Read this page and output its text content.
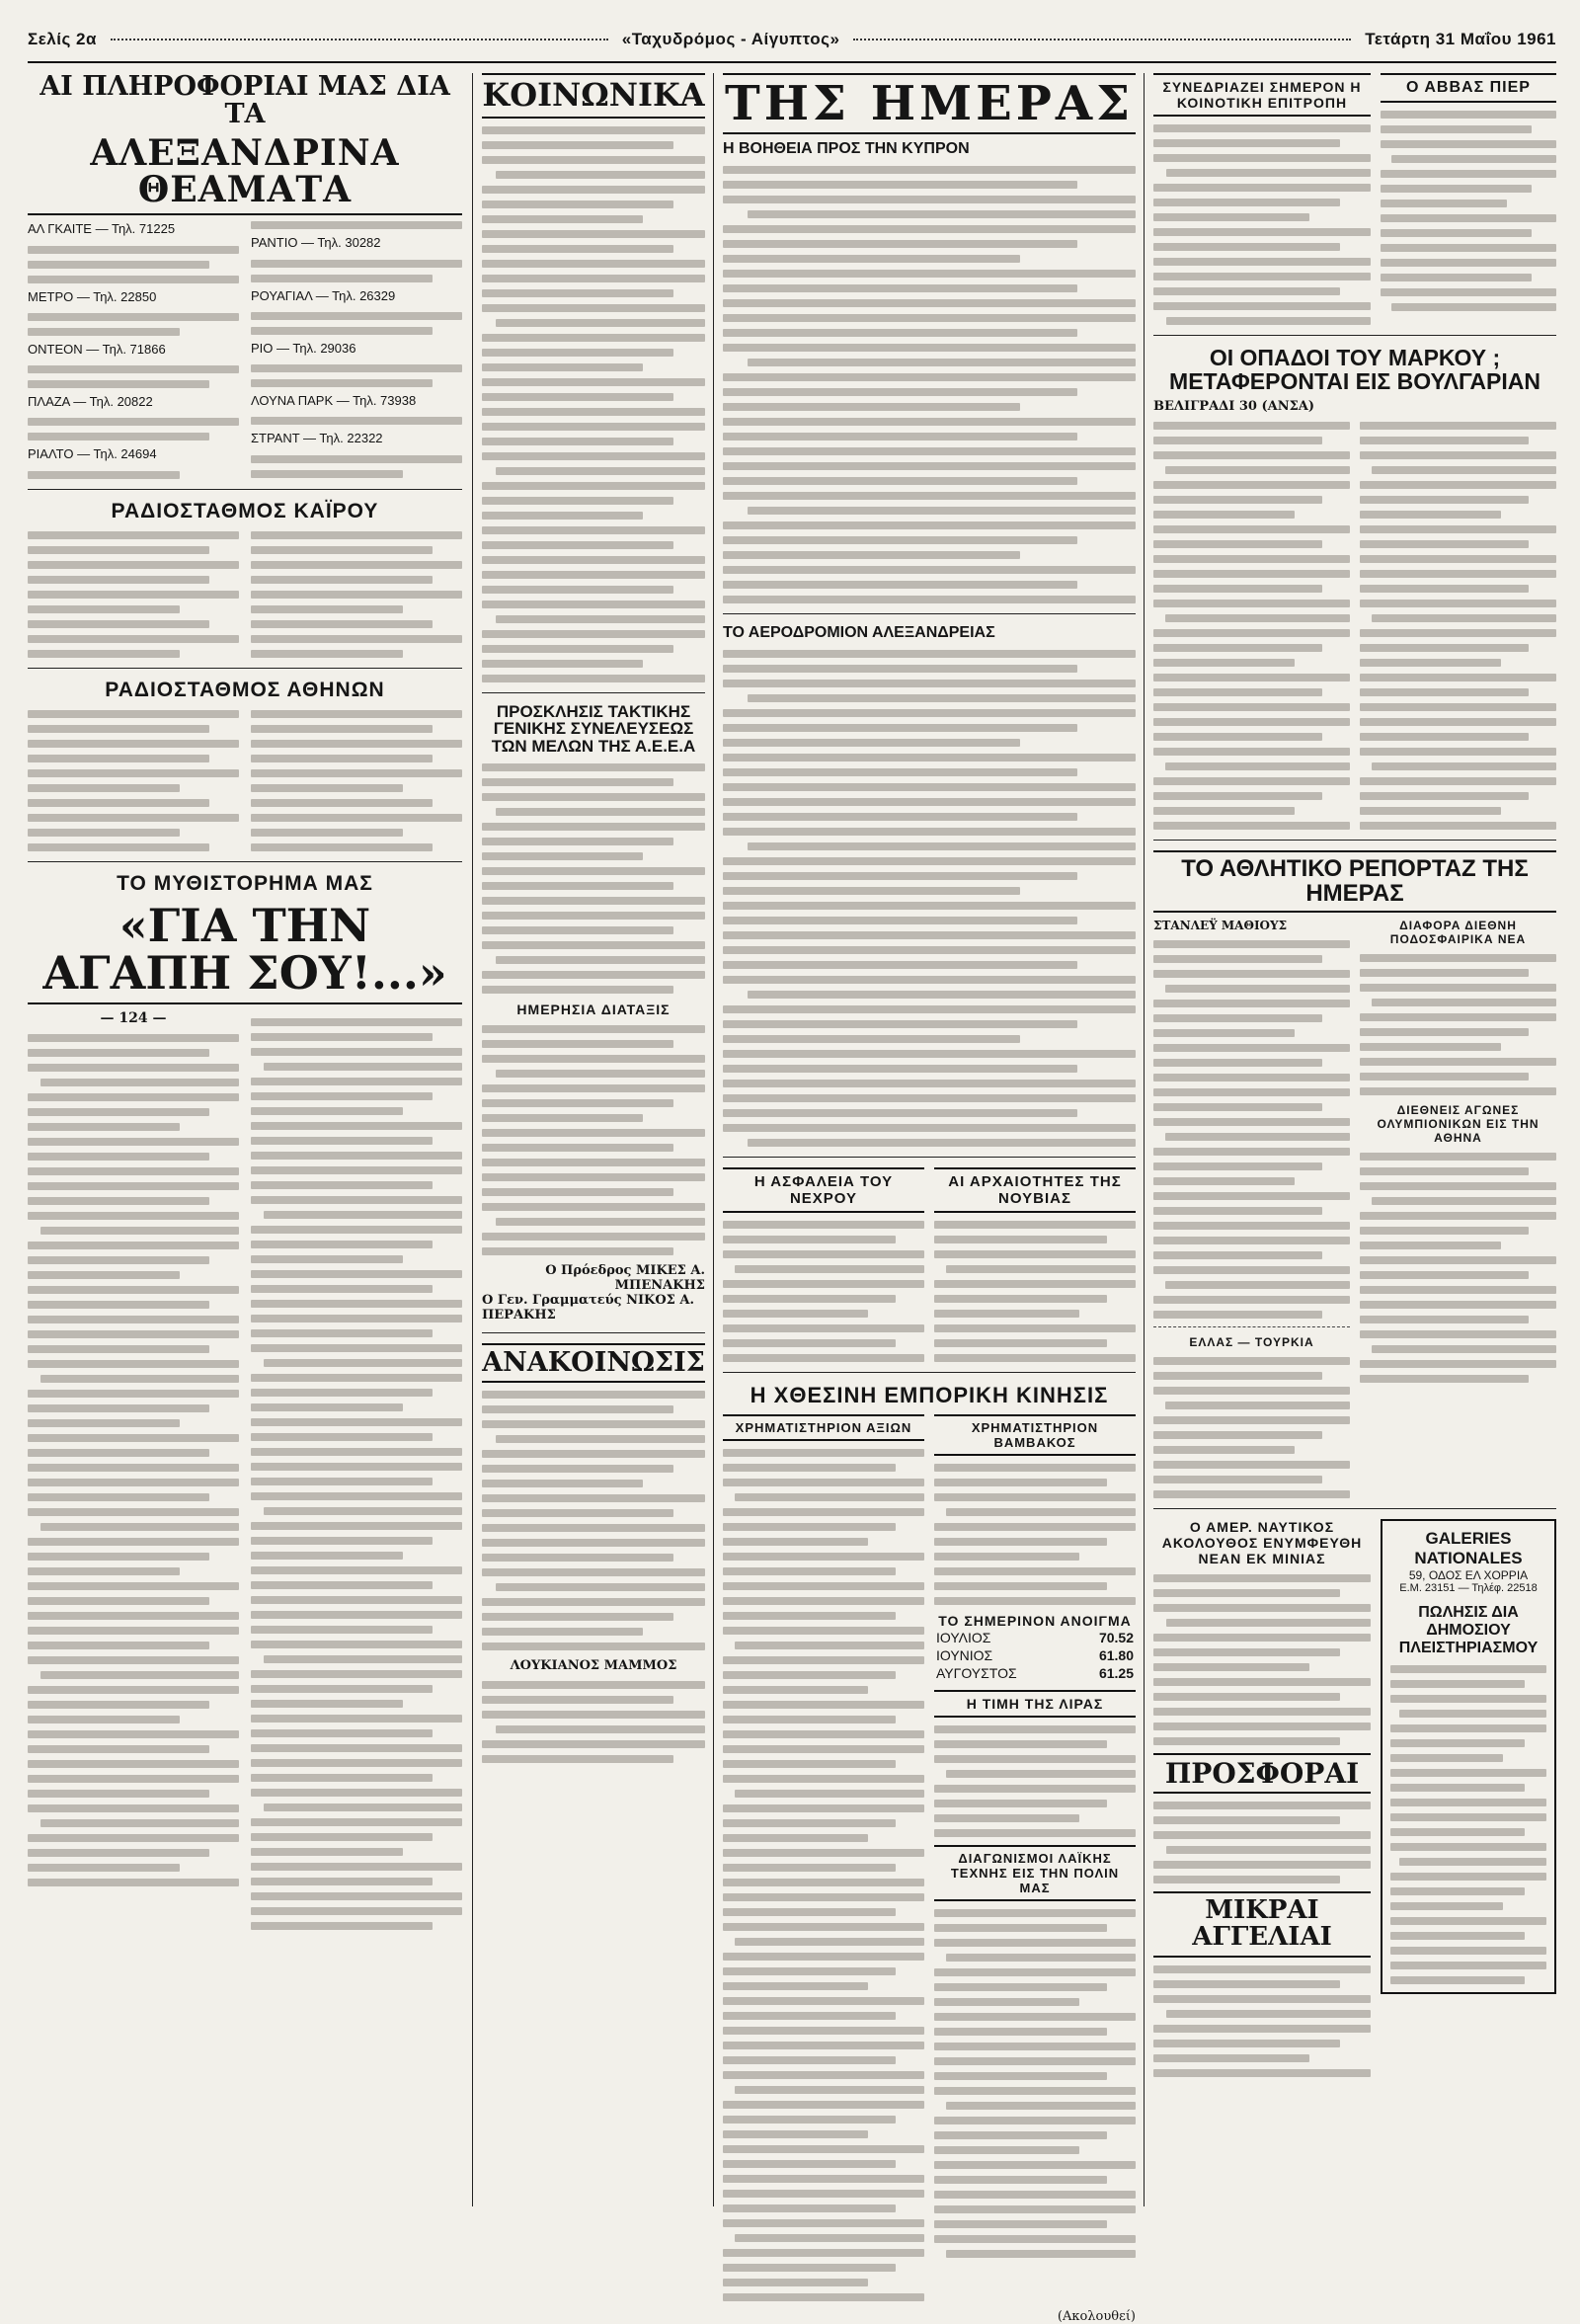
Σελίς 2α	«Ταχυδρόμος - Αίγυπτος»	Τετάρτη 31 Μαΐου 1961
ΑΙ ΠΛΗΡΟΦΟΡΙΑΙ ΜΑΣ ΔΙΑ ΤΑ
ΑΛΕΞΑΝΔΡΙΝΑ ΘΕΑΜΑΤΑ
ΑΛ ΓΚΑΙΤΕ — Τηλ. 71225
ΜΕΤΡΟ — Τηλ. 22850
ΟΝΤΕΟΝ — Τηλ. 71866
ΠΛΑΖΑ — Τηλ. 20822
ΡΙΑΛΤΟ — Τηλ. 24694
ΡΑΝΤΙΟ — Τηλ. 30282
ΡΟΥΑΓΙΑΛ — Τηλ. 26329
ΡΙΟ — Τηλ. 29036
ΛΟΥΝΑ ΠΑΡΚ — Τηλ. 73938
ΣΤΡΑΝΤ — Τηλ. 22322
ΡΑΔΙΟΣΤΑΘΜΟΣ ΚΑΪΡΟΥ
ΡΑΔΙΟΣΤΑΘΜΟΣ ΑΘΗΝΩΝ
ΤΟ ΜΥΘΙΣΤΟΡΗΜΑ ΜΑΣ
«ΓΙΑ ΤΗΝ ΑΓΑΠΗ ΣΟΥ!...»
— 124 —
ΚΟΙΝΩΝΙΚΑ
ΠΡΟΣΚΛΗΣΙΣ ΤΑΚΤΙΚΗΣ ΓΕΝΙΚΗΣ ΣΥΝΕΛΕΥΣΕΩΣ ΤΩΝ ΜΕΛΩΝ ΤΗΣ Α.Ε.Ε.Α
ΗΜΕΡΗΣΙΑ ΔΙΑΤΑΞΙΣ
Ο Πρόεδρος ΜΙΚΕΣ Α. ΜΠΕΝΑΚΗΣ
Ο Γεν. Γραμματεύς ΝΙΚΟΣ Α. ΠΕΡΑΚΗΣ
ΑΝΑΚΟΙΝΩΣΙΣ
ΛΟΥΚΙΑΝΟΣ ΜΑΜΜΟΣ
ΤΗΣ ΗΜΕΡΑΣ
Η ΒΟΗΘΕΙΑ ΠΡΟΣ ΤΗΝ ΚΥΠΡΟΝ
ΤΟ ΑΕΡΟΔΡΟΜΙΟΝ ΑΛΕΞΑΝΔΡΕΙΑΣ
Η ΑΣΦΑΛΕΙΑ ΤΟΥ ΝΕΧΡΟΥ
ΑΙ ΑΡΧΑΙΟΤΗΤΕΣ ΤΗΣ ΝΟΥΒΙΑΣ
Η ΧΘΕΣΙΝΗ ΕΜΠΟΡΙΚΗ ΚΙΝΗΣΙΣ
ΧΡΗΜΑΤΙΣΤΗΡΙΟΝ ΑΞΙΩΝ	ΧΡΗΜΑΤΙΣΤΗΡΙΟΝ ΒΑΜΒΑΚΟΣ
ΤΟ ΣΗΜΕΡΙΝΟΝ ΑΝΟΙΓΜΑ
ΙΟΥΛΙΟΣ	70.52
ΙΟΥΝΙΟΣ	61.80
ΑΥΓΟΥΣΤΟΣ	61.25
Η ΤΙΜΗ ΤΗΣ ΛΙΡΑΣ
ΔΙΑΓΩΝΙΣΜΟΙ ΛΑΪΚΗΣ ΤΕΧΝΗΣ ΕΙΣ ΤΗΝ ΠΟΛΙΝ ΜΑΣ
(Ακολουθεί)
ΣΥΝΕΔΡΙΑΖΕΙ ΣΗΜΕΡΟΝ Η ΚΟΙΝΟΤΙΚΗ ΕΠΙΤΡΟΠΗ
Ο ΑΒΒΑΣ ΠΙΕΡ
ΟΙ ΟΠΑΔΟΙ ΤΟΥ ΜΑΡΚΟΥ ; ΜΕΤΑΦΕΡΟΝΤΑΙ ΕΙΣ ΒΟΥΛΓΑΡΙΑΝ
ΒΕΛΙΓΡΑΔΙ 30 (ΑΝΣΑ)
ΤΟ ΑΘΛΗΤΙΚΟ ΡΕΠΟΡΤΑΖ ΤΗΣ ΗΜΕΡΑΣ
ΣΤΑΝΛΕΫ ΜΑΘΙΟΥΣ
ΕΛΛΑΣ — ΤΟΥΡΚΙΑ
ΔΙΑΦΟΡΑ ΔΙΕΘΝΗ ΠΟΔΟΣΦΑΙΡΙΚΑ ΝΕΑ
ΔΙΕΘΝΕΙΣ ΑΓΩΝΕΣ ΟΛΥΜΠΙΟΝΙΚΩΝ ΕΙΣ ΤΗΝ ΑΘΗΝΑ
Ο ΑΜΕΡ. ΝΑΥΤΙΚΟΣ ΑΚΟΛΟΥΘΟΣ ΕΝΥΜΦΕΥΘΗ ΝΕΑΝ ΕΚ ΜΙΝΙΑΣ
ΠΡΟΣΦΟΡΑΙ
ΜΙΚΡΑΙ ΑΓΓΕΛΙΑΙ
GALERIES NATIONALES
59, ΟΔΟΣ ΕΛ ΧΟΡΡΙΑ
Ε.Μ. 23151 — Τηλέφ. 22518
ΠΩΛΗΣΙΣ ΔΙΑ ΔΗΜΟΣΙΟΥ ΠΛΕΙΣΤΗΡΙΑΣΜΟΥ
